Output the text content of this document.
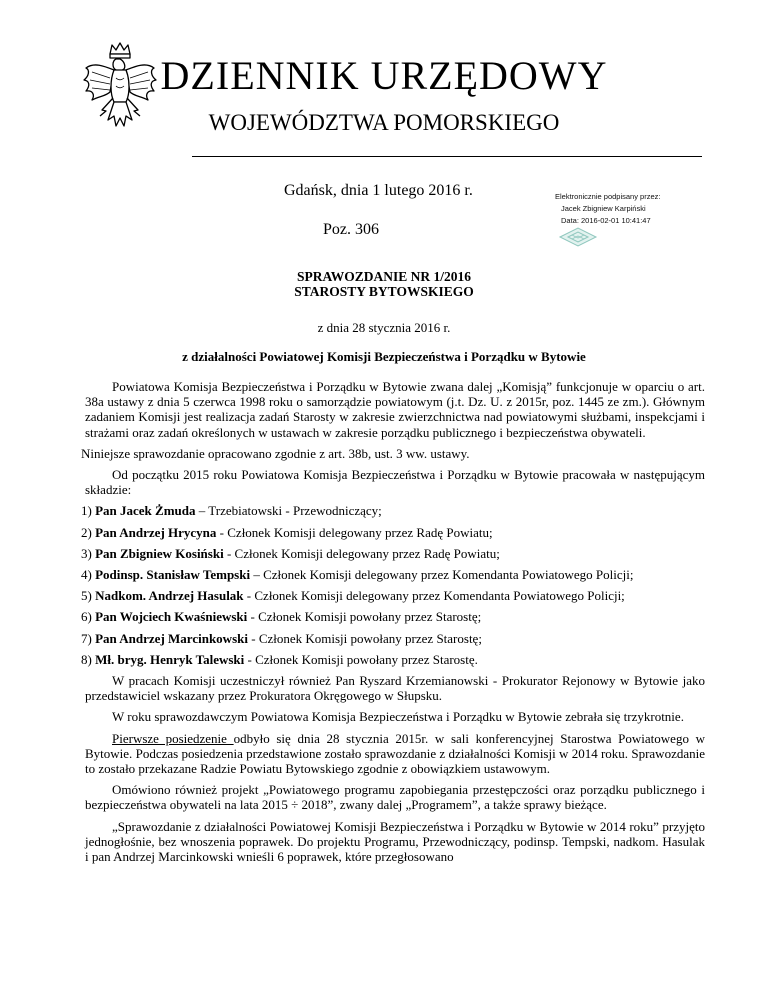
DZIENNIK URZĘDOWY
WOJEWÓDZTWA POMORSKIEGO
Gdańsk, dnia 1 lutego 2016 r.
Poz. 306
Elektronicznie podpisany przez:
Jacek Zbigniew Karpiński
Data: 2016-02-01 10:41:47
SPRAWOZDANIE NR 1/2016
STAROSTY BYTOWSKIEGO
z dnia 28 stycznia 2016 r.
z działalności Powiatowej Komisji Bezpieczeństwa i Porządku w Bytowie

Powiatowa Komisja Bezpieczeństwa i Porządku w Bytowie zwana dalej „Komisją” funkcjonuje w oparciu o art. 38a ustawy z dnia 5 czerwca 1998 roku o samorządzie powiatowym (j.t. Dz. U. z 2015r, poz. 1445 ze zm.). Głównym zadaniem Komisji jest realizacja zadań Starosty w zakresie zwierzchnictwa nad powiatowymi służbami, inspekcjami i strażami oraz zadań określonych w ustawach w zakresie porządku publicznego i bezpieczeństwa obywateli.

Niniejsze sprawozdanie opracowano zgodnie z art. 38b, ust. 3 ww. ustawy.

Od początku 2015 roku Powiatowa Komisja Bezpieczeństwa i Porządku w Bytowie pracowała w następującym składzie:

1) Pan Jacek Żmuda – Trzebiatowski - Przewodniczący;
2) Pan Andrzej Hrycyna - Członek Komisji delegowany przez Radę Powiatu;
3) Pan Zbigniew Kosiński - Członek Komisji delegowany przez Radę Powiatu;
4) Podinsp. Stanisław Tempski – Członek Komisji delegowany przez Komendanta Powiatowego Policji;
5) Nadkom. Andrzej Hasulak - Członek Komisji delegowany przez Komendanta Powiatowego Policji;
6) Pan Wojciech Kwaśniewski - Członek Komisji powołany przez Starostę;
7) Pan Andrzej Marcinkowski - Członek Komisji powołany przez Starostę;
8) Mł. bryg. Henryk Talewski - Członek Komisji powołany przez Starostę.

W pracach Komisji uczestniczył również Pan Ryszard Krzemianowski - Prokurator Rejonowy w Bytowie jako przedstawiciel wskazany przez Prokuratora Okręgowego w Słupsku.

W roku sprawozdawczym Powiatowa Komisja Bezpieczeństwa i Porządku w Bytowie zebrała się trzykrotnie.

Pierwsze posiedzenie odbyło się dnia 28 stycznia 2015r. w sali konferencyjnej Starostwa Powiatowego w Bytowie. Podczas posiedzenia przedstawione zostało sprawozdanie z działalności Komisji w 2014 roku. Sprawozdanie to zostało przekazane Radzie Powiatu Bytowskiego zgodnie z obowiązkiem ustawowym.

Omówiono również projekt „Powiatowego programu zapobiegania przestępczości oraz porządku publicznego i bezpieczeństwa obywateli na lata 2015 ÷ 2018”, zwany dalej „Programem”, a także sprawy bieżące.

„Sprawozdanie z działalności Powiatowej Komisji Bezpieczeństwa i Porządku w Bytowie w 2014 roku” przyjęto jednogłośnie, bez wnoszenia poprawek. Do projektu Programu, Przewodniczący, podinsp. Tempski, nadkom. Hasulak i pan Andrzej Marcinkowski wnieśli 6 poprawek, które przegłosowano
